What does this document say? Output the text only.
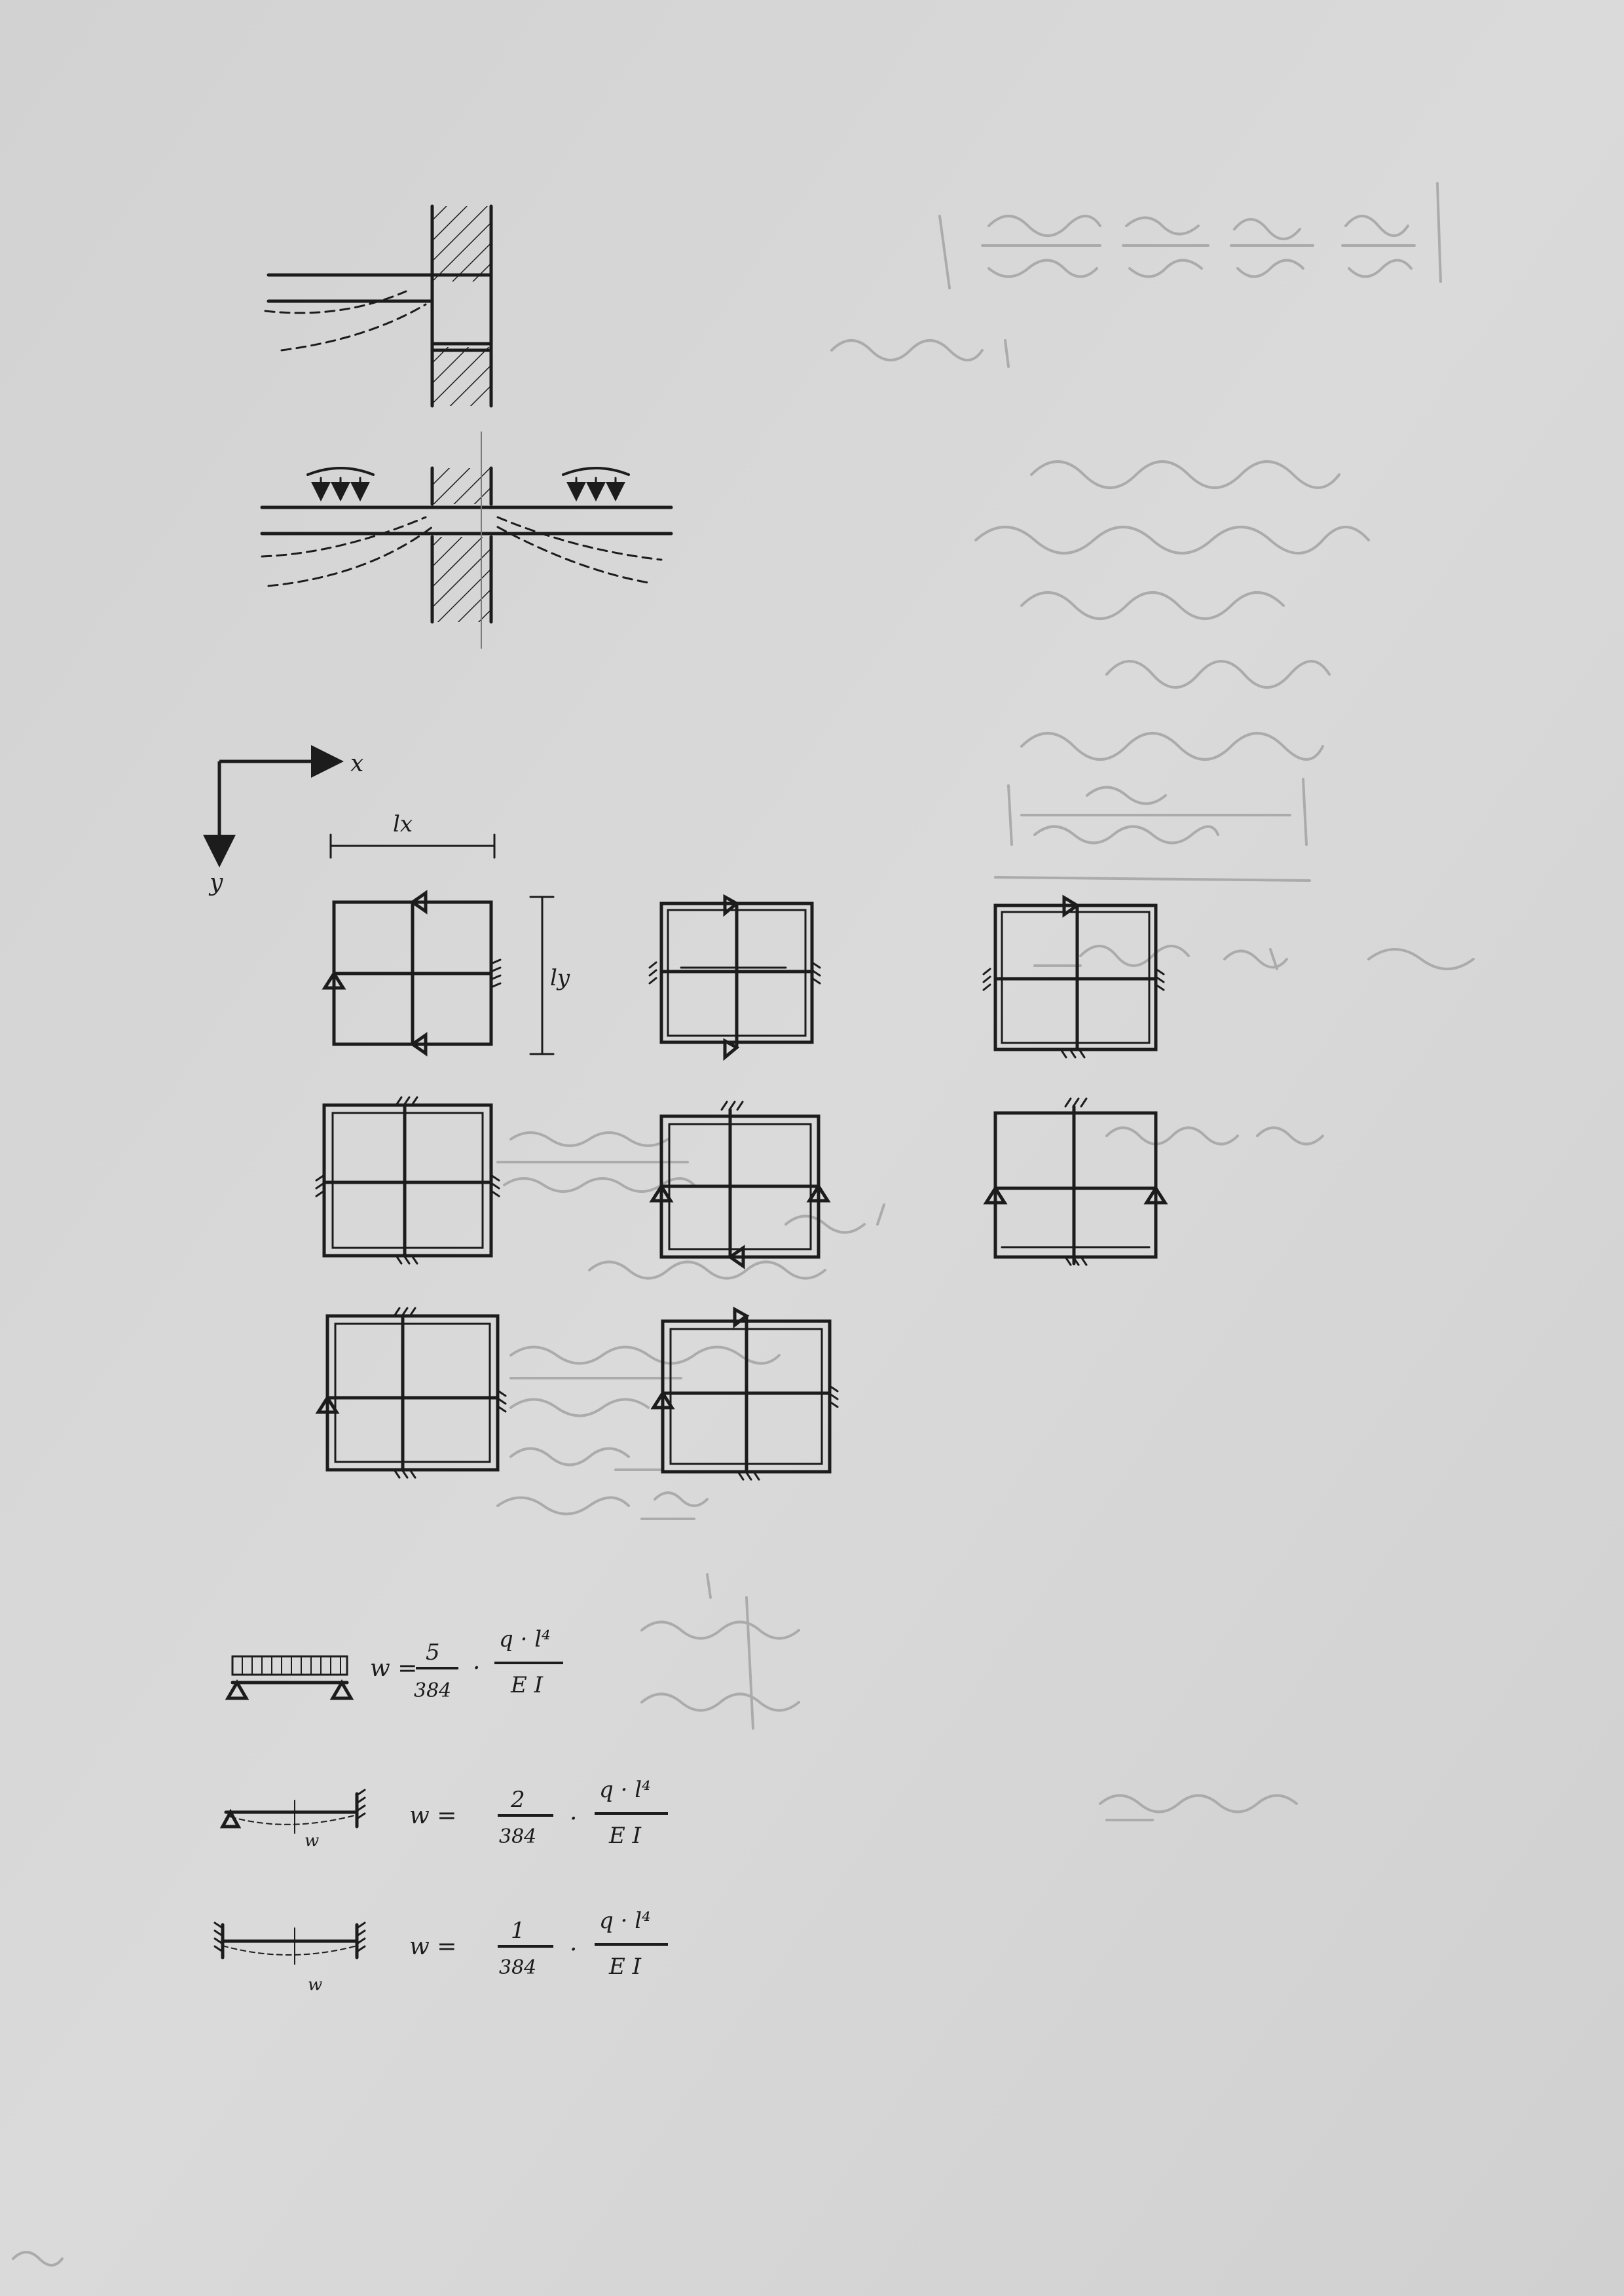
x
y
lx
ly
w =
5
384
·
q · l⁴
E I
w
w =
2
384
·
q · l⁴
E I
w
w =
1
384
·
q · l⁴
E I
